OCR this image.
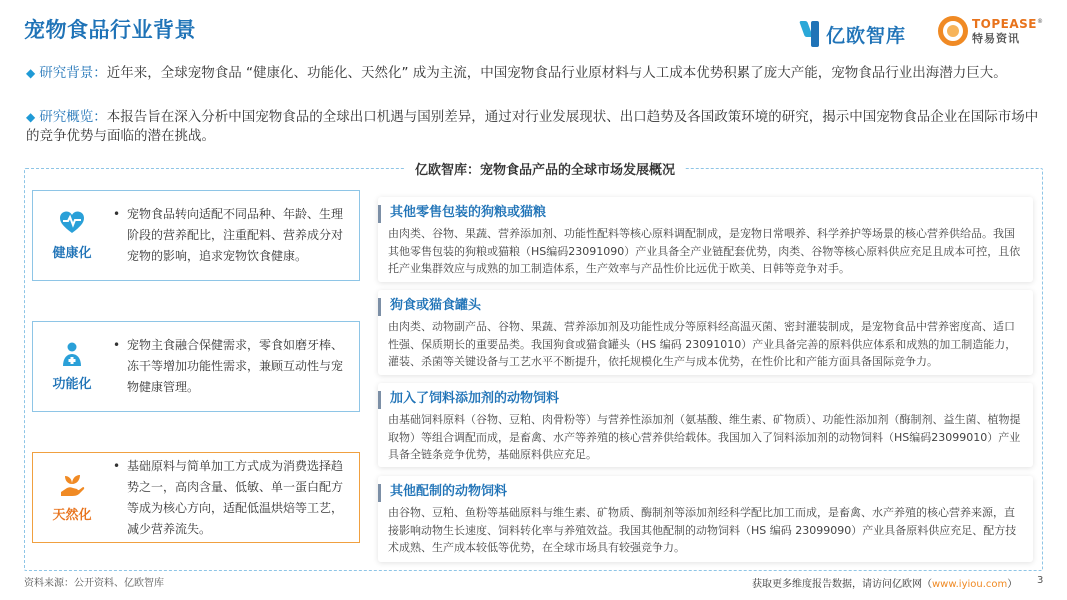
宠物食品行业背景	亿欧智库
TOPEASE®
特易资讯
◆ 研究背景：近年来，全球宠物食品 “健康化、功能化、天然化” 成为主流，中国宠物食品行业原材料与人工成本优势积累了庞大产能，宠物食品行业出海潜力巨大。
◆ 研究概览：本报告旨在深入分析中国宠物食品的全球出口机遇与国别差异，通过对行业发展现状、出口趋势及各国政策环境的研究，揭示中国宠物食品企业在国际市场中的竞争优势与面临的潜在挑战。
亿欧智库：宠物食品产品的全球市场发展概况
健康化
• 宠物食品转向适配不同品种、年龄、生理阶段的营养配比，注重配料、营养成分对宠物的影响，追求宠物饮食健康。
功能化
• 宠物主食融合保健需求，零食如磨牙棒、冻干等增加功能性需求，兼顾互动性与宠物健康管理。
天然化
• 基础原料与简单加工方式成为消费选择趋势之一，高肉含量、低敏、单一蛋白配方等成为核心方向，适配低温烘焙等工艺，减少营养流失。
其他零售包装的狗粮或猫粮
由肉类、谷物、果蔬、营养添加剂、功能性配料等核心原料调配制成，是宠物日常喂养、科学养护等场景的核心营养供给品。我国其他零售包装的狗粮或猫粮（HS编码23091090）产业具备全产业链配套优势，肉类、谷物等核心原料供应充足且成本可控，且依托产业集群效应与成熟的加工制造体系，生产效率与产品性价比远优于欧美、日韩等竞争对手。
狗食或猫食罐头
由肉类、动物副产品、谷物、果蔬、营养添加剂及功能性成分等原料经高温灭菌、密封灌装制成，是宠物食品中营养密度高、适口性强、保质期长的重要品类。我国狗食或猫食罐头（HS 编码 23091010）产业具备完善的原料供应体系和成熟的加工制造能力，灌装、杀菌等关键设备与工艺水平不断提升，依托规模化生产与成本优势，在性价比和产能方面具备国际竞争力。
加入了饲料添加剂的动物饲料
由基础饲料原料（谷物、豆粕、肉骨粉等）与营养性添加剂（氨基酸、维生素、矿物质）、功能性添加剂（酶制剂、益生菌、植物提取物）等组合调配而成，是畜禽、水产等养殖的核心营养供给载体。我国加入了饲料添加剂的动物饲料（HS编码23099010）产业具备全链条竞争优势，基础原料供应充足。
其他配制的动物饲料
由谷物、豆粕、鱼粉等基础原料与维生素、矿物质、酶制剂等添加剂经科学配比加工而成，是畜禽、水产养殖的核心营养来源，直接影响动物生长速度、饲料转化率与养殖效益。我国其他配制的动物饲料（HS 编码 23099090）产业具备原料供应充足、配方技术成熟、生产成本较低等优势，在全球市场具有较强竞争力。
资料来源：公开资料、亿欧智库	获取更多维度报告数据，请访问亿欧网（www.iyiou.com） 3
